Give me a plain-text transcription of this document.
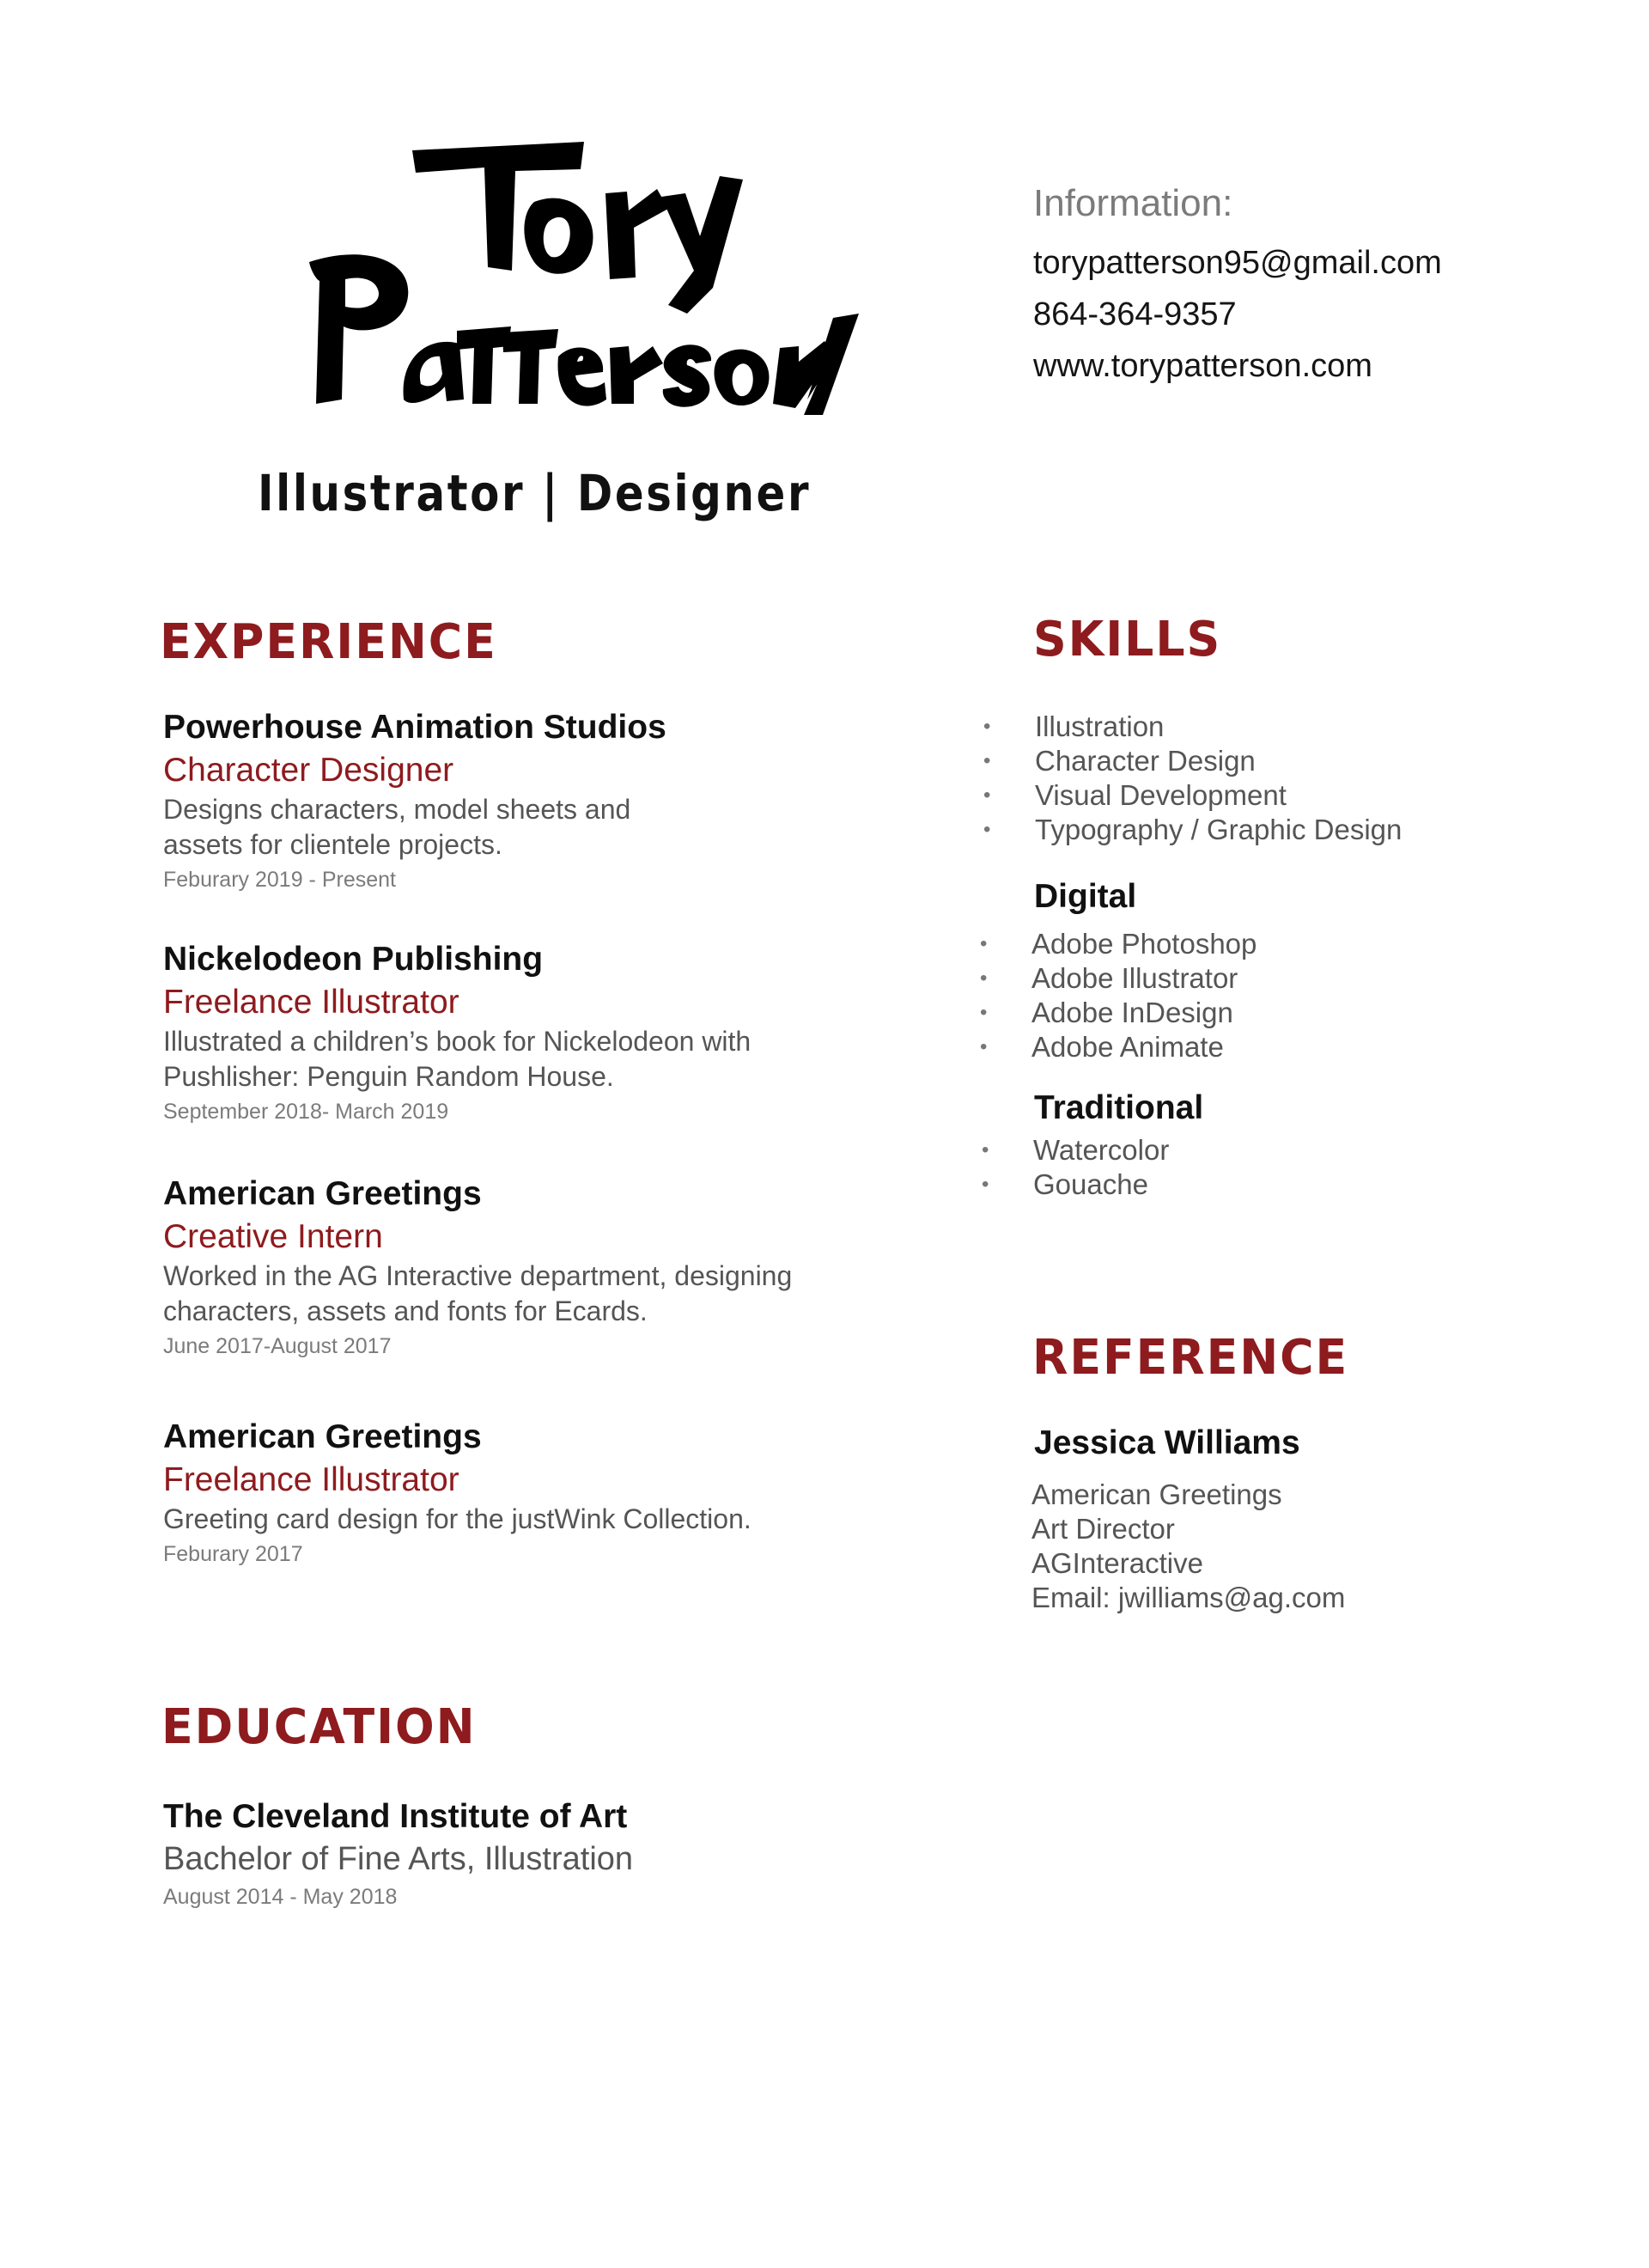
Illustrator | Designer
Information:
torypatterson95@gmail.com
864-364-9357
www.torypatterson.com
EXPERIENCE
Powerhouse Animation Studios
Character Designer
Designs characters, model sheets and
assets for clientele projects.
Feburary 2019 - Present
Nickelodeon Publishing
Freelance Illustrator
Illustrated a children’s book for Nickelodeon with
Pushlisher: Penguin Random House.
September 2018- March 2019
American Greetings
Creative Intern
Worked in the AG Interactive department, designing
characters, assets and fonts for Ecards.
June 2017-August 2017
American Greetings
Freelance Illustrator
Greeting card design for the justWink Collection.
Feburary 2017
SKILLS
• Illustration
• Character Design
• Visual Development
• Typography / Graphic Design
Digital
• Adobe Photoshop
• Adobe Illustrator
• Adobe InDesign
• Adobe Animate
Traditional
• Watercolor
• Gouache
REFERENCE
Jessica Williams
American Greetings
Art Director
AGInteractive
Email: jwilliams@ag.com
EDUCATION
The Cleveland Institute of Art
Bachelor of Fine Arts, Illustration
August 2014 - May 2018
